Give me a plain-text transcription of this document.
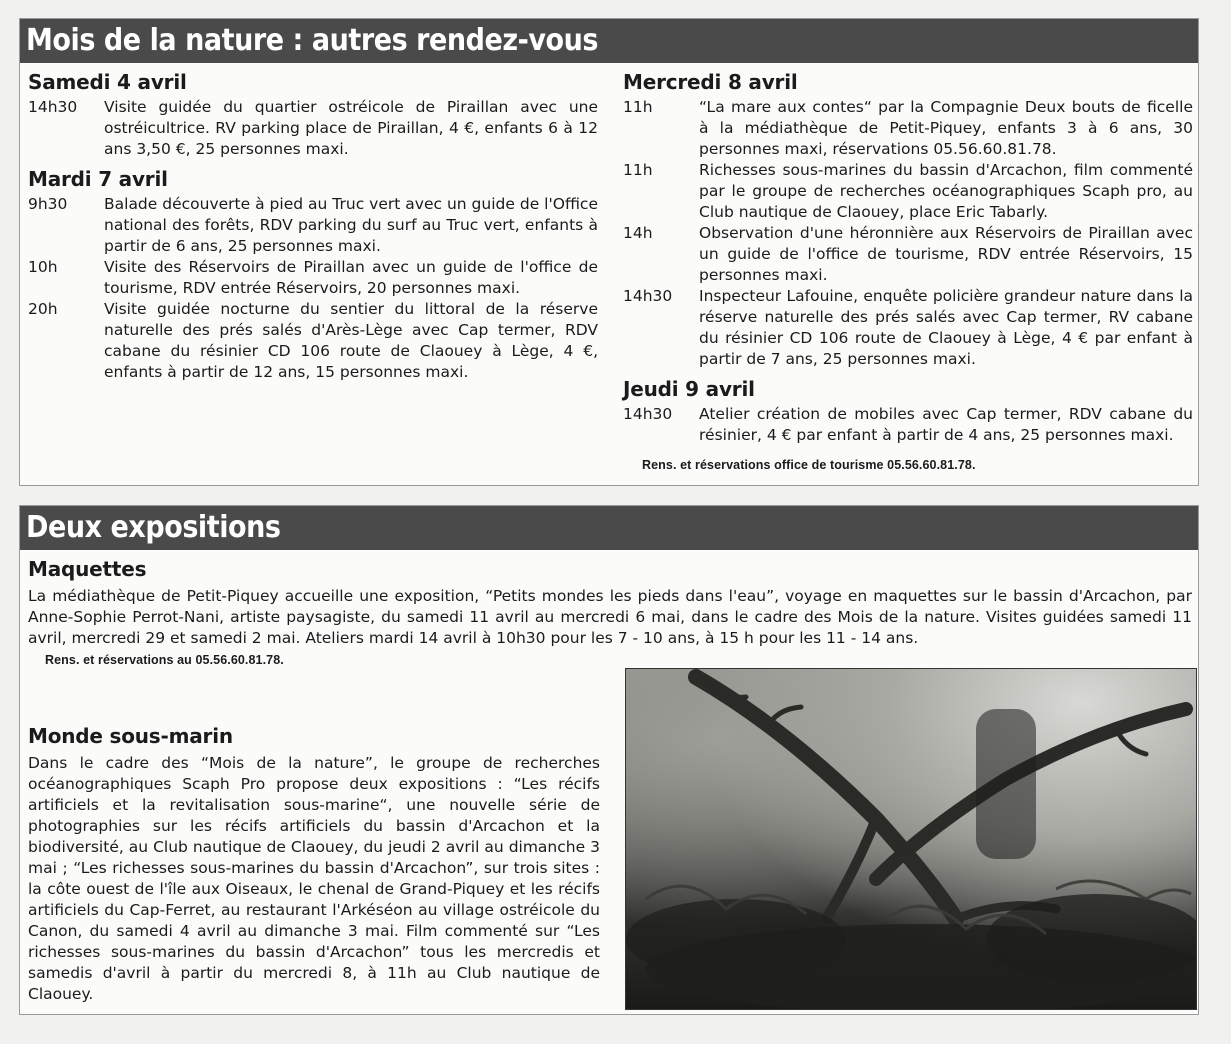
Mois de la nature : autres rendez-vous
Samedi 4 avril
14h30	Visite guidée du quartier ostréicole de Piraillan avec une ostréicultrice. RV parking place de Piraillan, 4 €, enfants 6 à 12 ans 3,50 €, 25 personnes maxi.
Mardi 7 avril
9h30	Balade découverte à pied au Truc vert avec un guide de l'Office national des forêts, RDV parking du surf au Truc vert, enfants à partir de 6 ans, 25 personnes maxi.
10h	Visite des Réservoirs de Piraillan avec un guide de l'office de tourisme, RDV entrée Réservoirs, 20 personnes maxi.
20h	Visite guidée nocturne du sentier du littoral de la réserve naturelle des prés salés d'Arès-Lège avec Cap termer, RDV cabane du résinier CD 106 route de Claouey à Lège, 4 €, enfants à partir de 12 ans, 15 personnes maxi.
Mercredi 8 avril
11h	“La mare aux contes“ par la Compagnie Deux bouts de ficelle à la médiathèque de Petit-Piquey, enfants 3 à 6 ans, 30 personnes maxi, réservations 05.56.60.81.78.
11h	Richesses sous-marines du bassin d'Arcachon, film commenté par le groupe de recherches océanographiques Scaph pro, au Club nautique de Claouey, place Eric Tabarly.
14h	Observation d'une héronnière aux Réservoirs de Piraillan avec un guide de l'office de tourisme, RDV entrée Réservoirs, 15 personnes maxi.
14h30	Inspecteur Lafouine, enquête policière grandeur nature dans la réserve naturelle des prés salés avec Cap termer, RV cabane du résinier CD 106 route de Claouey à Lège, 4 € par enfant à partir de 7 ans, 25 personnes maxi.
Jeudi 9 avril
14h30	Atelier création de mobiles avec Cap termer, RDV cabane du résinier, 4 € par enfant à partir de 4 ans, 25 personnes maxi.
Rens. et réservations office de tourisme 05.56.60.81.78.
Deux expositions
Maquettes
La médiathèque de Petit-Piquey accueille une exposition, “Petits mondes les pieds dans l'eau”, voyage en maquettes sur le bassin d'Arcachon, par Anne-Sophie Perrot-Nani, artiste paysagiste, du samedi 11 avril au mercredi 6 mai, dans le cadre des Mois de la nature. Visites guidées samedi 11 avril, mercredi 29 et samedi 2 mai. Ateliers mardi 14 avril à 10h30 pour les 7 - 10 ans, à 15 h pour les 11 - 14 ans.
Rens. et réservations au 05.56.60.81.78.
Monde sous-marin
Dans le cadre des “Mois de la nature”, le groupe de recherches océanographiques Scaph Pro propose deux expositions : “Les récifs artificiels et la revitalisation sous-marine“, une nouvelle série de photographies sur les récifs artificiels du bassin d'Arcachon et la biodiversité, au Club nautique de Claouey, du jeudi 2 avril au dimanche 3 mai ; “Les richesses sous-marines du bassin d'Arcachon”, sur trois sites : la côte ouest de l'île aux Oiseaux, le chenal de Grand-Piquey et les récifs artificiels du Cap-Ferret, au restaurant l'Arkéséon au village ostréicole du Canon, du samedi 4 avril au dimanche 3 mai. Film commenté sur “Les richesses sous-marines du bassin d'Arcachon” tous les mercredis et samedis d'avril à partir du mercredi 8, à 11h au Club nautique de Claouey.
